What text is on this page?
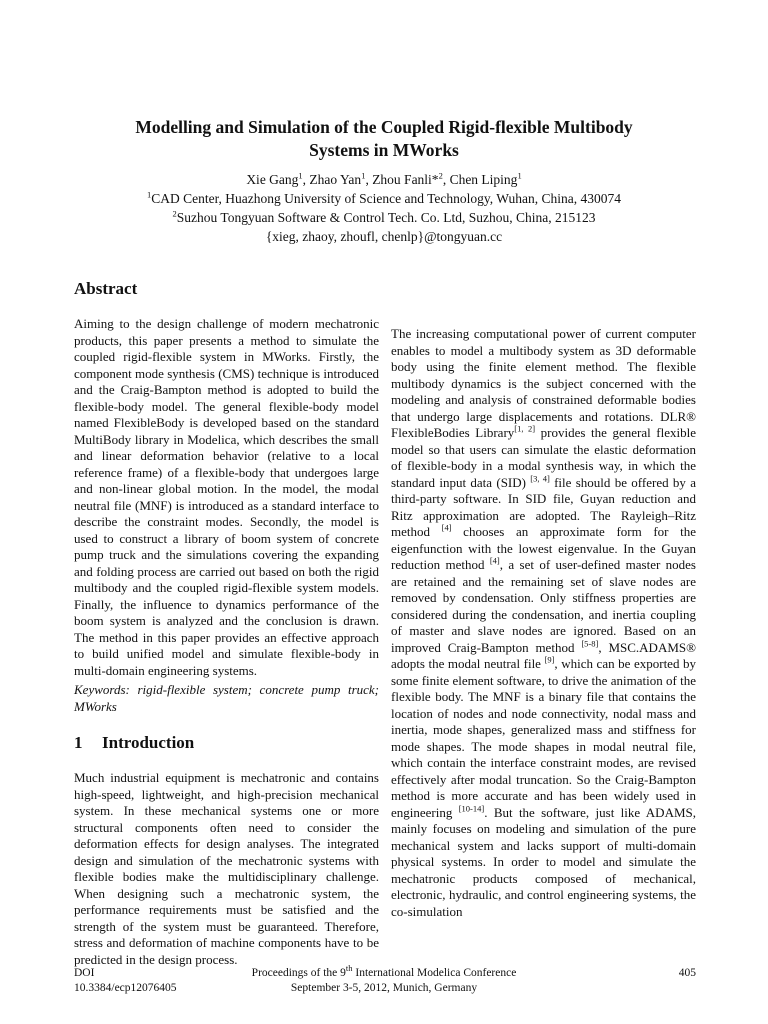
Modelling and Simulation of the Coupled Rigid-flexible Multibody
Systems in MWorks
Xie Gang$^1$, Zhao Yan$^1$, Zhou Fanli*$^2$, Chen Liping$^1$
$^1$CAD Center, Huazhong University of Science and Technology, Wuhan, China, 430074
$^2$Suzhou Tongyuan Software & Control Tech. Co. Ltd, Suzhou, China, 215123
{xieg, zhaoy, zhoufl, chenlp}@tongyuan.cc
Abstract

Aiming to the design challenge of modern mechatronic products, this paper presents a method to simulate the coupled rigid-flexible system in MWorks. Firstly, the component mode synthesis (CMS) technique is introduced and the Craig-Bampton method is adopted to build the flexible-body model. The general flexible-body model named FlexibleBody is developed based on the standard MultiBody library in Modelica, which describes the small and linear deformation behavior (relative to a local reference frame) of a flexible-body that undergoes large and non-linear global motion. In the model, the modal neutral file (MNF) is introduced as a standard interface to describe the constraint modes. Secondly, the model is used to construct a library of boom system of concrete pump truck and the simulations covering the expanding and folding process are carried out based on both the rigid multibody and the coupled rigid-flexible system models. Finally, the influence to dynamics performance of the boom system is analyzed and the conclusion is drawn. The method in this paper provides an effective approach to build unified model and simulate flexible-body in multi-domain engineering systems.

Keywords: rigid-flexible system; concrete pump truck; MWorks

1 Introduction

Much industrial equipment is mechatronic and contains high-speed, lightweight, and high-precision mechanical system. In these mechanical systems one or more structural components often need to consider the deformation effects for design analyses. The integrated design and simulation of the mechatronic systems with flexible bodies make the multidisciplinary challenge. When designing such a mechatronic system, the performance requirements must be satisfied and the strength of the system must be guaranteed. Therefore, stress and deformation of machine components have to be predicted in the design process.

The increasing computational power of current computer enables to model a multibody system as 3D deformable body using the finite element method. The flexible multibody dynamics is the subject concerned with the modeling and analysis of constrained deformable bodies that undergo large displacements and rotations. DLR® FlexibleBodies Library[1, 2] provides the general flexible model so that users can simulate the elastic deformation of flexible-body in a modal synthesis way, in which the standard input data (SID) [3, 4] file should be offered by a third-party software. In SID file, Guyan reduction and Ritz approximation are adopted. The Rayleigh–Ritz method [4] chooses an approximate form for the eigenfunction with the lowest eigenvalue. In the Guyan reduction method [4], a set of user-defined master nodes are retained and the remaining set of slave nodes are removed by condensation. Only stiffness properties are considered during the condensation, and inertia coupling of master and slave nodes are ignored. Based on an improved Craig-Bampton method [5-8], MSC.ADAMS® adopts the modal neutral file [9], which can be exported by some finite element software, to drive the animation of the flexible body. The MNF is a binary file that contains the location of nodes and node connectivity, nodal mass and inertia, mode shapes, generalized mass and stiffness for mode shapes. The mode shapes in modal neutral file, which contain the interface constraint modes, are revised effectively after modal truncation. So the Craig-Bampton method is more accurate and has been widely used in engineering [10-14]. But the software, just like ADAMS, mainly focuses on modeling and simulation of the pure mechanical system and lacks support of multi-domain physical systems. In order to model and simulate the mechatronic products composed of mechanical, electronic, hydraulic, and control engineering systems, the co-simulation

DOI
10.3384/ecp12076405
Proceedings of the 9th International Modelica Conference
September 3-5, 2012, Munich, Germany
405
